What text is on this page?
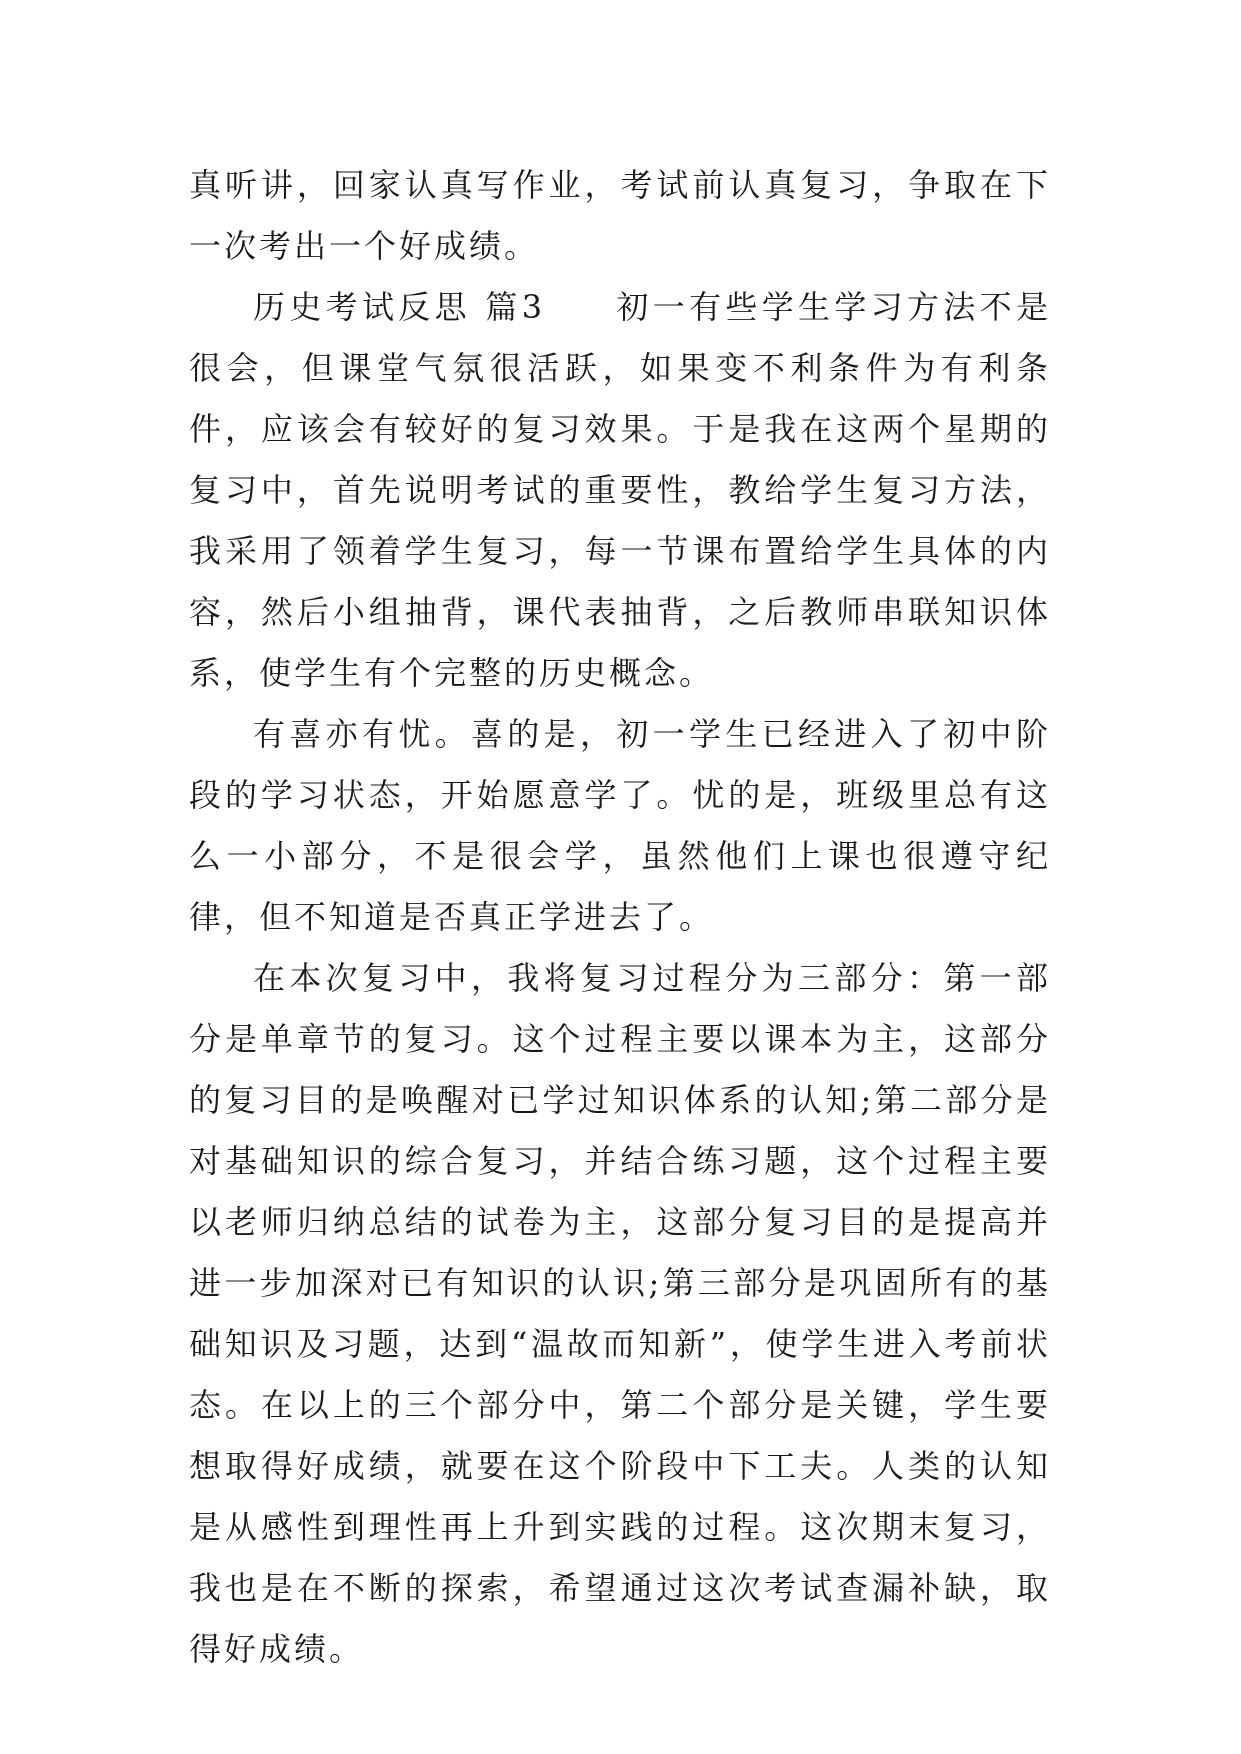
真听讲，回家认真写作业，考试前认真复习，争取在下一次考出一个好成绩。

历史考试反思 篇3 初一有些学生学习方法不是很会，但课堂气氛很活跃，如果变不利条件为有利条件，应该会有较好的复习效果。于是我在这两个星期的复习中，首先说明考试的重要性，教给学生复习方法，我采用了领着学生复习，每一节课布置给学生具体的内容，然后小组抽背，课代表抽背，之后教师串联知识体系，使学生有个完整的历史概念。

有喜亦有忧。喜的是，初一学生已经进入了初中阶段的学习状态，开始愿意学了。忧的是，班级里总有这么一小部分，不是很会学，虽然他们上课也很遵守纪律，但不知道是否真正学进去了。

在本次复习中，我将复习过程分为三部分：第一部分是单章节的复习。这个过程主要以课本为主，这部分的复习目的是唤醒对已学过知识体系的认知;第二部分是对基础知识的综合复习，并结合练习题，这个过程主要以老师归纳总结的试卷为主，这部分复习目的是提高并进一步加深对已有知识的认识;第三部分是巩固所有的基础知识及习题，达到“温故而知新”，使学生进入考前状态。在以上的三个部分中，第二个部分是关键，学生要想取得好成绩，就要在这个阶段中下工夫。人类的认知是从感性到理性再上升到实践的过程。这次期末复习，我也是在不断的探索，希望通过这次考试查漏补缺，取得好成绩。
